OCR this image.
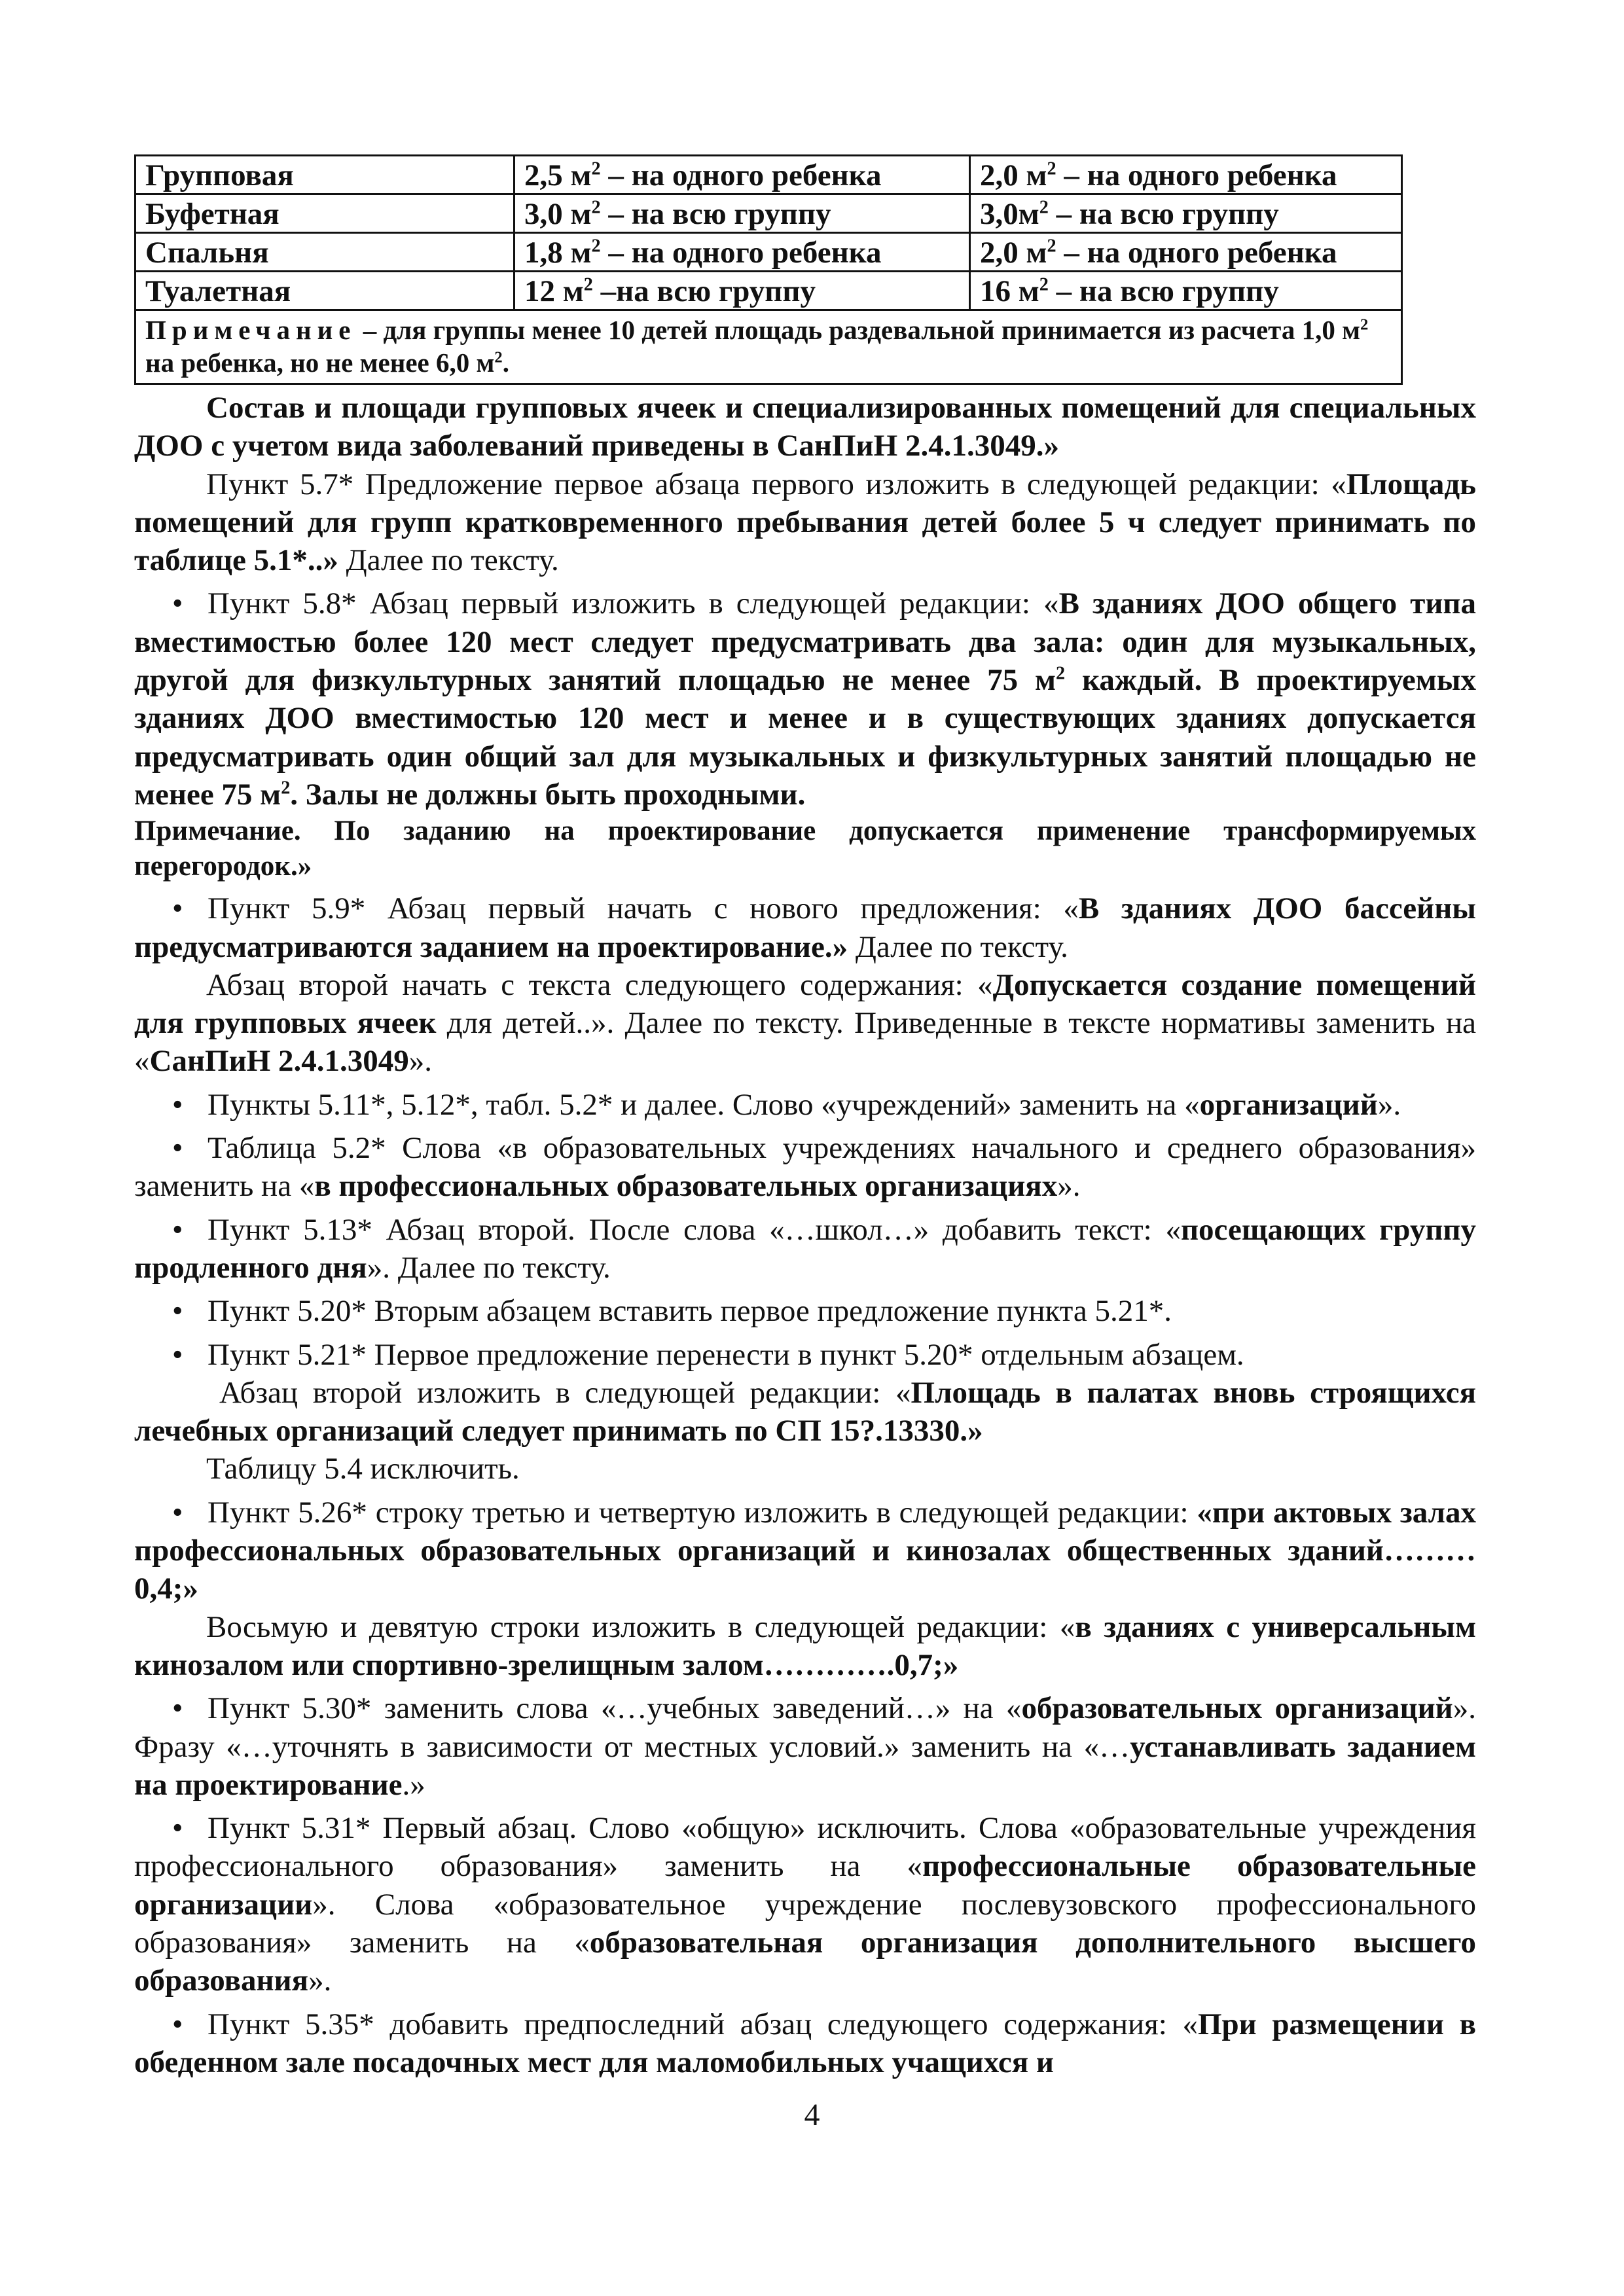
Групповая	2,5 $м^2$ – на одного ребенка	2,0 $м^2$ – на одного ребенка
Буфетная	3,0 $м^2$ – на всю группу	$3,0м^2$ – на всю группу
Спальня	1,8 $м^2$ – на одного ребенка	2,0 $м^2$ – на одного ребенка
Туалетная	12 $м^2$ –на всю группу	16 $м^2$ – на всю группу
Примечание – для группы менее 10 детей площадь раздевальной принимается из расчета 1,0 $м^2$ на ребенка, но не менее 6,0 $м^2$.		

Состав и площади групповых ячеек и специализированных помещений для специальных ДОО с учетом вида заболеваний приведены в СанПиН 2.4.1.3049.»

Пункт 5.7* Предложение первое абзаца первого изложить в следующей редакции: «Площадь помещений для групп кратковременного пребывания детей более 5 ч следует принимать по таблице 5.1*..» Далее по тексту.

• Пункт 5.8* Абзац первый изложить в следующей редакции: «В зданиях ДОО общего типа вместимостью более 120 мест следует предусматривать два зала: один для музыкальных, другой для физкультурных занятий площадью не менее 75 $м^2$ каждый. В проектируемых зданиях ДОО вместимостью 120 мест и менее и в существующих зданиях допускается предусматривать один общий зал для музыкальных и физкультурных занятий площадью не менее 75 $м^2$. Залы не должны быть проходными.

Примечание. По заданию на проектирование допускается применение трансформируемых перегородок.»

• Пункт 5.9* Абзац первый начать с нового предложения: «В зданиях ДОО бассейны предусматриваются заданием на проектирование.» Далее по тексту.

Абзац второй начать с текста следующего содержания: «Допускается создание помещений для групповых ячеек для детей..». Далее по тексту. Приведенные в тексте нормативы заменить на «СанПиН 2.4.1.3049».

• Пункты 5.11*, 5.12*, табл. 5.2* и далее. Слово «учреждений» заменить на «организаций».

• Таблица 5.2* Слова «в образовательных учреждениях начального и среднего образования» заменить на «в профессиональных образовательных организациях».

• Пункт 5.13* Абзац второй. После слова «…школ…» добавить текст: «посещающих группу продленного дня». Далее по тексту.

• Пункт 5.20* Вторым абзацем вставить первое предложение пункта 5.21*.

• Пункт 5.21* Первое предложение перенести в пункт 5.20* отдельным абзацем.

Абзац второй изложить в следующей редакции: «Площадь в палатах вновь строящихся лечебных организаций следует принимать по СП 15?.13330.»

Таблицу 5.4 исключить.

• Пункт 5.26* строку третью и четвертую изложить в следующей редакции: «при актовых залах профессиональных образовательных организаций и кинозалах общественных зданий………0,4;»

Восьмую и девятую строки изложить в следующей редакции: «в зданиях с универсальным кинозалом или спортивно-зрелищным залом………….0,7;»

• Пункт 5.30* заменить слова «…учебных заведений…» на «образовательных организаций». Фразу «…уточнять в зависимости от местных условий.» заменить на «…устанавливать заданием на проектирование.»

• Пункт 5.31* Первый абзац. Слово «общую» исключить. Слова «образовательные учреждения профессионального образования» заменить на «профессиональные образовательные организации». Слова «образовательное учреждение послевузовского профессионального образования» заменить на «образовательная организация дополнительного высшего образования».

• Пункт 5.35* добавить предпоследний абзац следующего содержания: «При размещении в обеденном зале посадочных мест для маломобильных учащихся и

4
